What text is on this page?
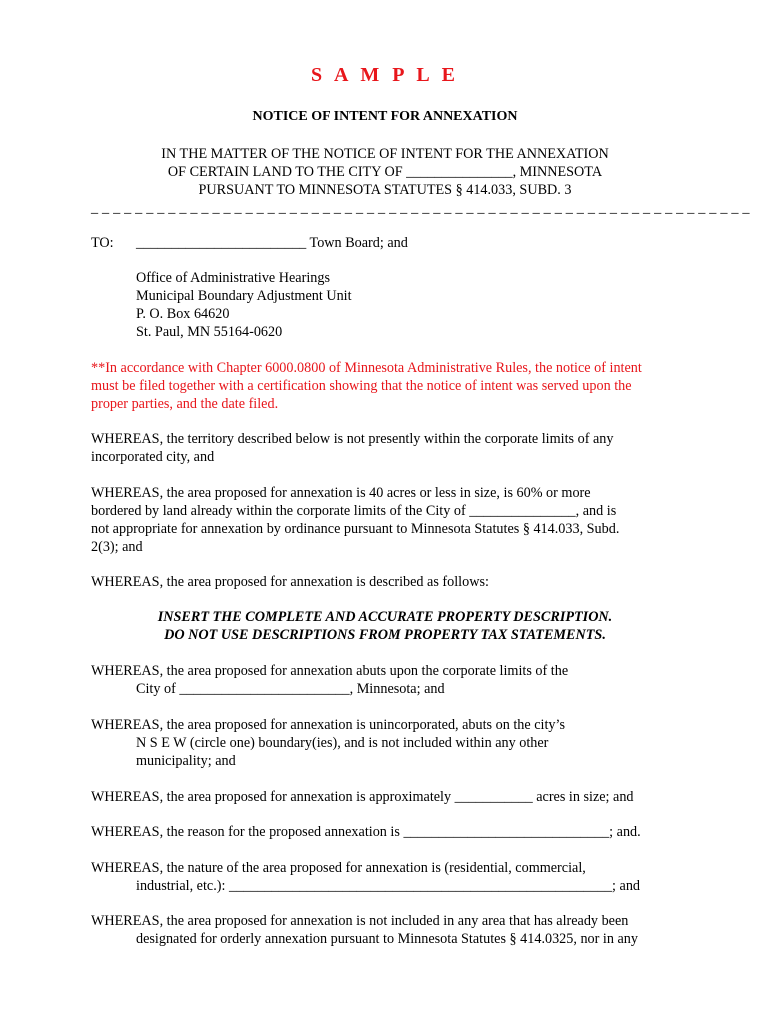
S A M P L E
NOTICE OF INTENT FOR ANNEXATION
IN THE MATTER OF THE NOTICE OF INTENT FOR THE ANNEXATION
OF CERTAIN LAND TO THE CITY OF _______________, MINNESOTA
PURSUANT TO MINNESOTA STATUTES § 414.033, SUBD. 3
_ _ _ _ _ _ _ _ _ _ _ _ _ _ _ _ _ _ _ _ _ _ _ _ _ _ _ _ _ _ _ _ _ _ _ _ _ _ _ _ _ _ _ _ _ _ _ _ _ _ _ _ _ _ _ _ _ _ _ _
TO: ________________________ Town Board; and
Office of Administrative Hearings
Municipal Boundary Adjustment Unit
P. O. Box 64620
St. Paul, MN 55164-0620
**In accordance with Chapter 6000.0800 of Minnesota Administrative Rules, the notice of intent
must be filed together with a certification showing that the notice of intent was served upon the
proper parties, and the date filed.
WHEREAS, the territory described below is not presently within the corporate limits of any
incorporated city, and
WHEREAS, the area proposed for annexation is 40 acres or less in size, is 60% or more
bordered by land already within the corporate limits of the City of _______________, and is
not appropriate for annexation by ordinance pursuant to Minnesota Statutes § 414.033, Subd.
2(3); and
WHEREAS, the area proposed for annexation is described as follows:
INSERT THE COMPLETE AND ACCURATE PROPERTY DESCRIPTION.
DO NOT USE DESCRIPTIONS FROM PROPERTY TAX STATEMENTS.
WHEREAS, the area proposed for annexation abuts upon the corporate limits of the
City of ________________________, Minnesota; and
WHEREAS, the area proposed for annexation is unincorporated, abuts on the city’s
N S E W (circle one) boundary(ies), and is not included within any other
municipality; and
WHEREAS, the area proposed for annexation is approximately ___________ acres in size; and
WHEREAS, the reason for the proposed annexation is _____________________________; and.
WHEREAS, the nature of the area proposed for annexation is (residential, commercial,
industrial, etc.): ______________________________________________________; and
WHEREAS, the area proposed for annexation is not included in any area that has already been
designated for orderly annexation pursuant to Minnesota Statutes § 414.0325, nor in any
